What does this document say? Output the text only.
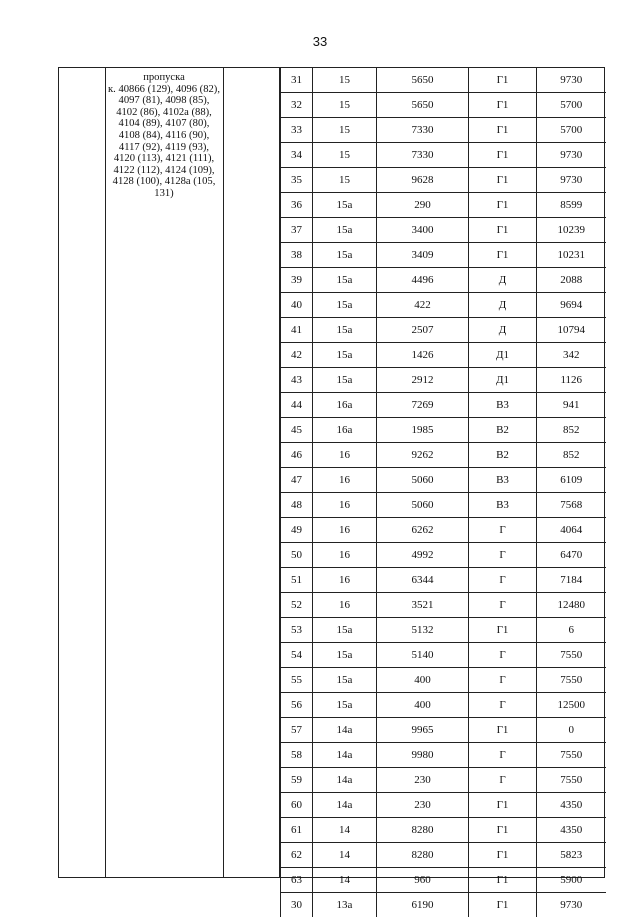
33
пропуска
к. 40866 (129), 4096 (82),
4097 (81), 4098 (85),
4102 (86), 4102а (88),
4104 (89), 4107 (80),
4108 (84), 4116 (90),
4117 (92), 4119 (93),
4120 (113), 4121 (111),
4122 (112), 4124 (109),
4128 (100), 4128а (105,
131)
31	15	5650	Г1	9730
32	15	5650	Г1	5700
33	15	7330	Г1	5700
34	15	7330	Г1	9730
35	15	9628	Г1	9730
36	15а	290	Г1	8599
37	15а	3400	Г1	10239
38	15а	3409	Г1	10231
39	15а	4496	Д	2088
40	15а	422	Д	9694
41	15а	2507	Д	10794
42	15а	1426	Д1	342
43	15а	2912	Д1	1126
44	16а	7269	В3	941
45	16а	1985	В2	852
46	16	9262	В2	852
47	16	5060	В3	6109
48	16	5060	В3	7568
49	16	6262	Г	4064
50	16	4992	Г	6470
51	16	6344	Г	7184
52	16	3521	Г	12480
53	15а	5132	Г1	6
54	15а	5140	Г	7550
55	15а	400	Г	7550
56	15а	400	Г	12500
57	14а	9965	Г1	0
58	14а	9980	Г	7550
59	14а	230	Г	7550
60	14а	230	Г1	4350
61	14	8280	Г1	4350
62	14	8280	Г1	5823
63	14	960	Г1	5900
30	13а	6190	Г1	9730
